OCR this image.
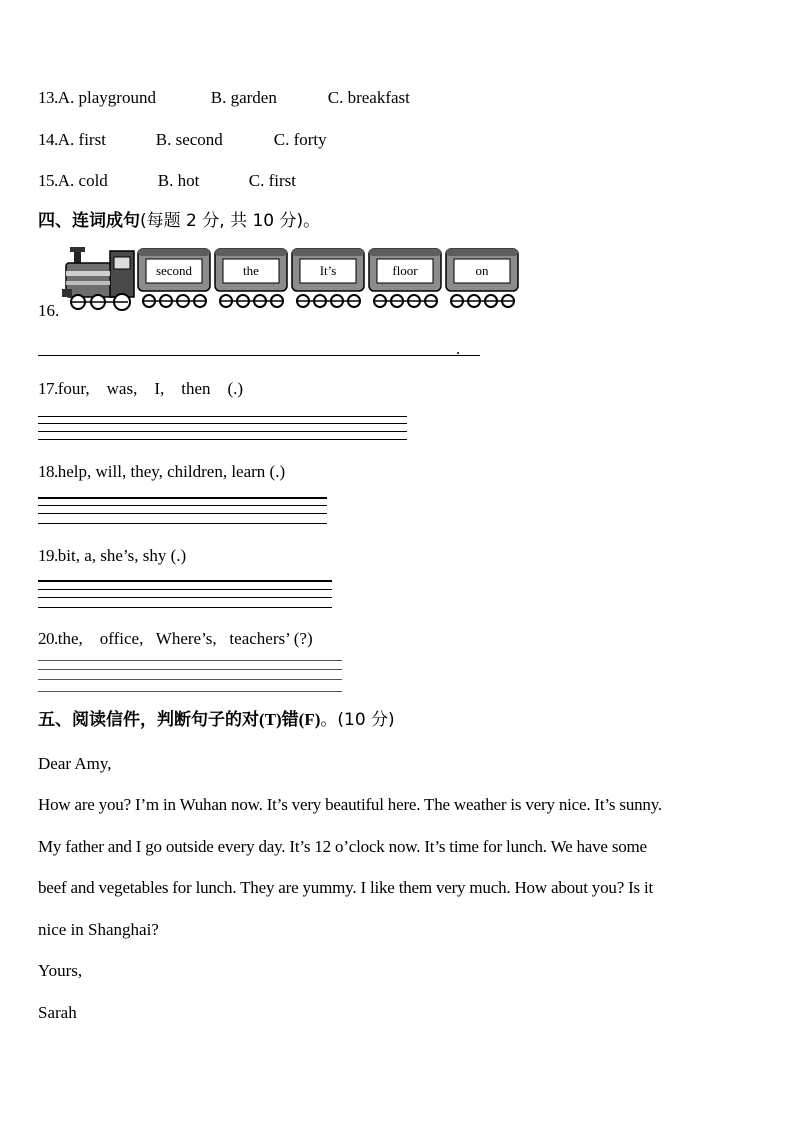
13.A. playground	B. garden	C. breakfast
14.A. first	B. second	C. forty
15.A. cold	B. hot	C. first
四、连词成句(每题 2 分, 共 10 分)。
16.
second	the	It’s	floor	on
.
17.four,    was,    I,    then    (.)
18.help, will, they, children, learn (.)
19.bit, a, she’s, shy (.)
20.the,    office,   Where’s,   teachers’ (?)
五、阅读信件，判断句子的对(T)错(F)。(10 分)
Dear Amy,
How are you? I’m in Wuhan now. It’s very beautiful here. The weather is very nice. It’s sunny.
My father and I go outside every day. It’s 12 o’clock now. It’s time for lunch. We have some
beef and vegetables for lunch. They are yummy. I like them very much. How about you? Is it
nice in Shanghai?
Yours,
Sarah
